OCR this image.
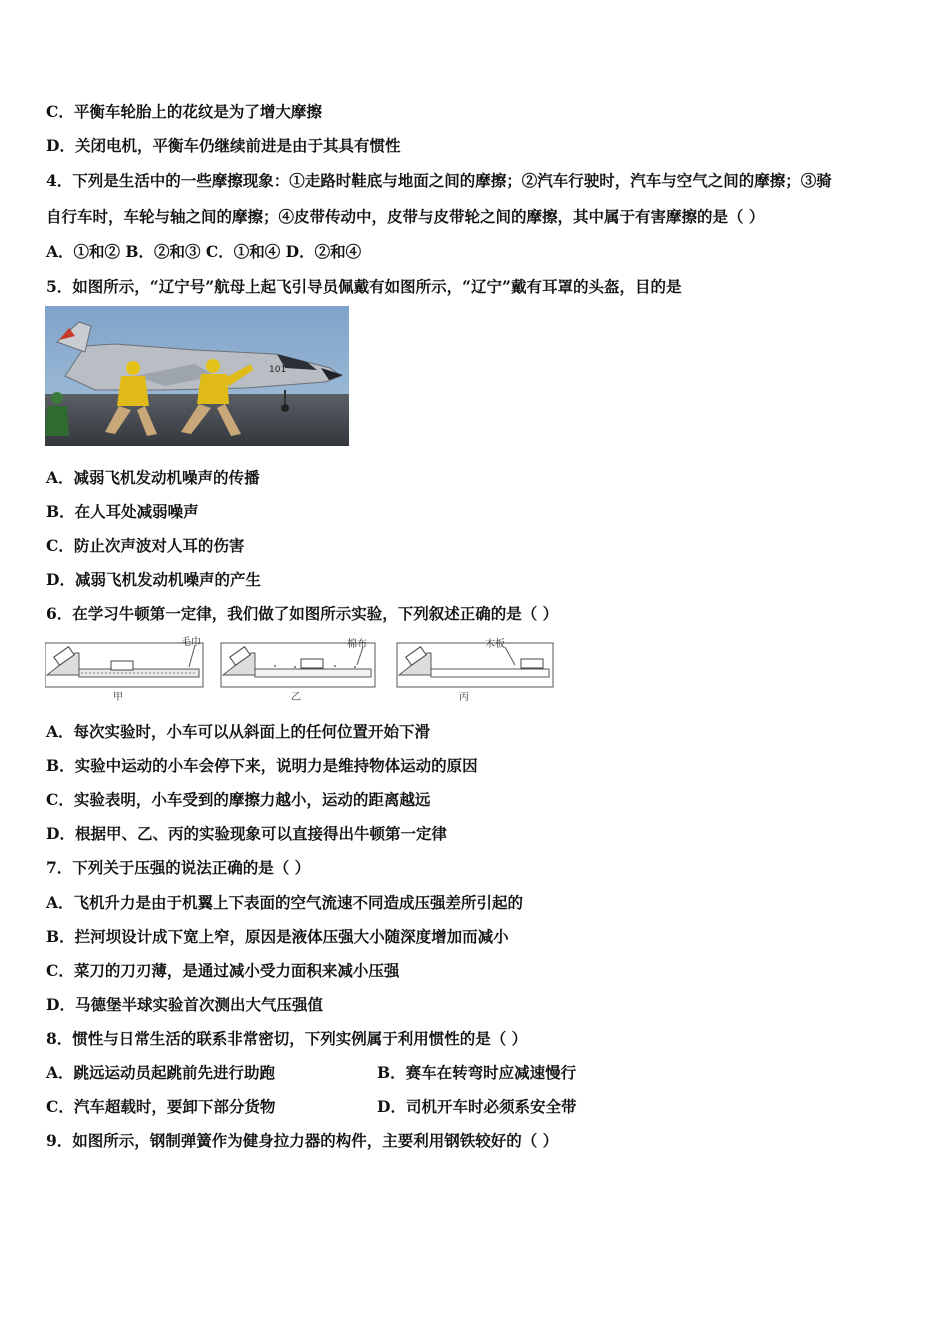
C．平衡车轮胎上的花纹是为了增大摩擦
D．关闭电机，平衡车仍继续前进是由于其具有惯性
4．下列是生活中的一些摩擦现象：①走路时鞋底与地面之间的摩擦；②汽车行驶时，汽车与空气之间的摩擦；③骑
自行车时，车轮与轴之间的摩擦；④皮带传动中，皮带与皮带轮之间的摩擦，其中属于有害摩擦的是（ ）
A．①和② B．②和③ C．①和④ D．②和④
5．如图所示，“辽宁号”航母上起飞引导员佩戴有如图所示，“辽宁”戴有耳罩的头盔，目的是
101
A．减弱飞机发动机噪声的传播
B．在人耳处减弱噪声
C．防止次声波对人耳的伤害
D．减弱飞机发动机噪声的产生
6．在学习牛顿第一定律，我们做了如图所示实验，下列叙述正确的是（ ）
毛巾	棉布	木板
甲	乙	丙
A．每次实验时，小车可以从斜面上的任何位置开始下滑
B．实验中运动的小车会停下来，说明力是维持物体运动的原因
C．实验表明，小车受到的摩擦力越小，运动的距离越远
D．根据甲、乙、丙的实验现象可以直接得出牛顿第一定律
7．下列关于压强的说法正确的是（ ）
A．飞机升力是由于机翼上下表面的空气流速不同造成压强差所引起的
B．拦河坝设计成下宽上窄，原因是液体压强大小随深度增加而减小
C．菜刀的刀刃薄，是通过减小受力面积来减小压强
D．马德堡半球实验首次测出大气压强值
8．惯性与日常生活的联系非常密切，下列实例属于利用惯性的是（ ）
A．跳远运动员起跳前先进行助跑	B．赛车在转弯时应减速慢行
C．汽车超载时，要卸下部分货物	D．司机开车时必须系安全带
9．如图所示，钢制弹簧作为健身拉力器的构件，主要利用钢铁较好的（ ）
